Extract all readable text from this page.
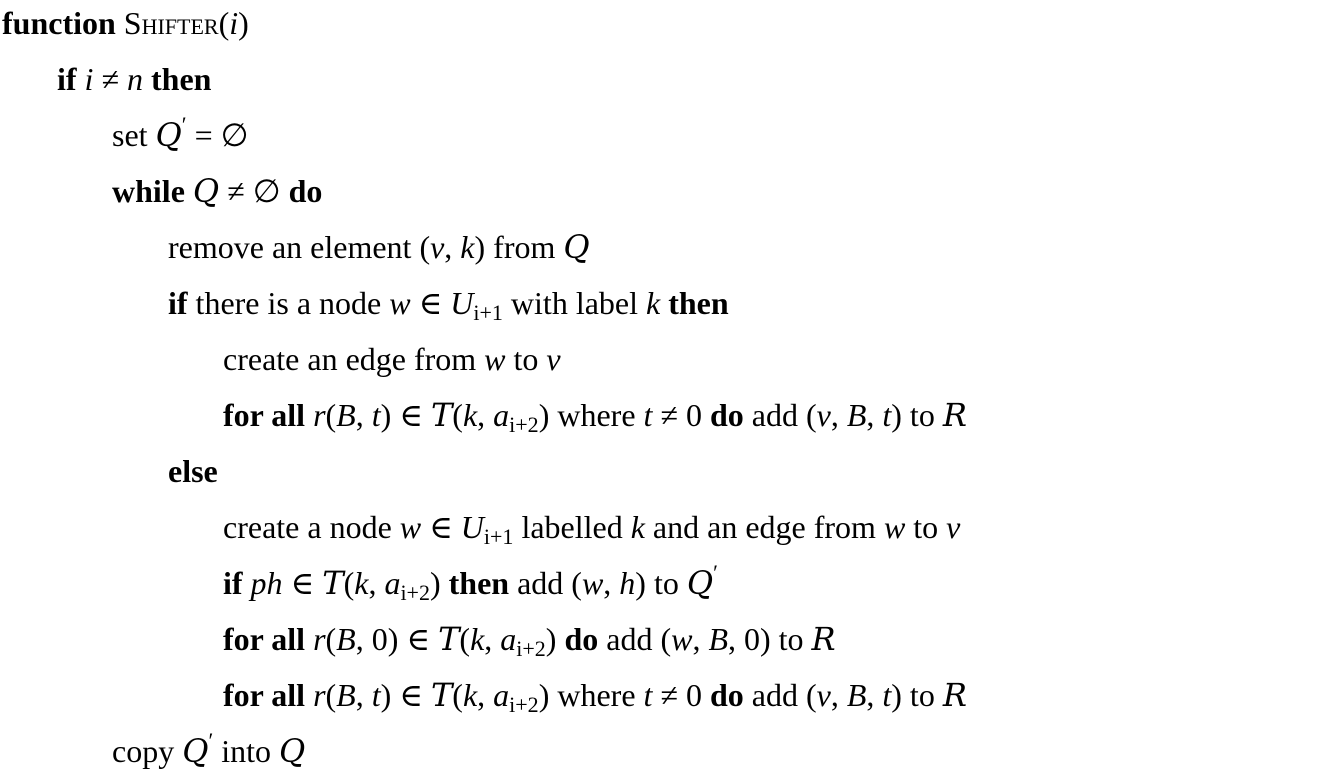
function Shifter(i)
if i ≠ n then
set Q′ = ∅
while Q ≠ ∅ do
remove an element (v, k) from Q
if there is a node w ∈ $U_{i+1}$ with label k then
create an edge from w to v
for all r(B, t) ∈ T(k, $a_{i+2}$) where t ≠ 0 do add (v, B, t) to R
else
create a node w ∈ $U_{i+1}$ labelled k and an edge from w to v
if ph ∈ T(k, $a_{i+2}$) then add (w, h) to Q′
for all r(B, 0) ∈ T(k, $a_{i+2}$) do add (w, B, 0) to R
for all r(B, t) ∈ T(k, $a_{i+2}$) where t ≠ 0 do add (v, B, t) to R
copy Q′ into Q
